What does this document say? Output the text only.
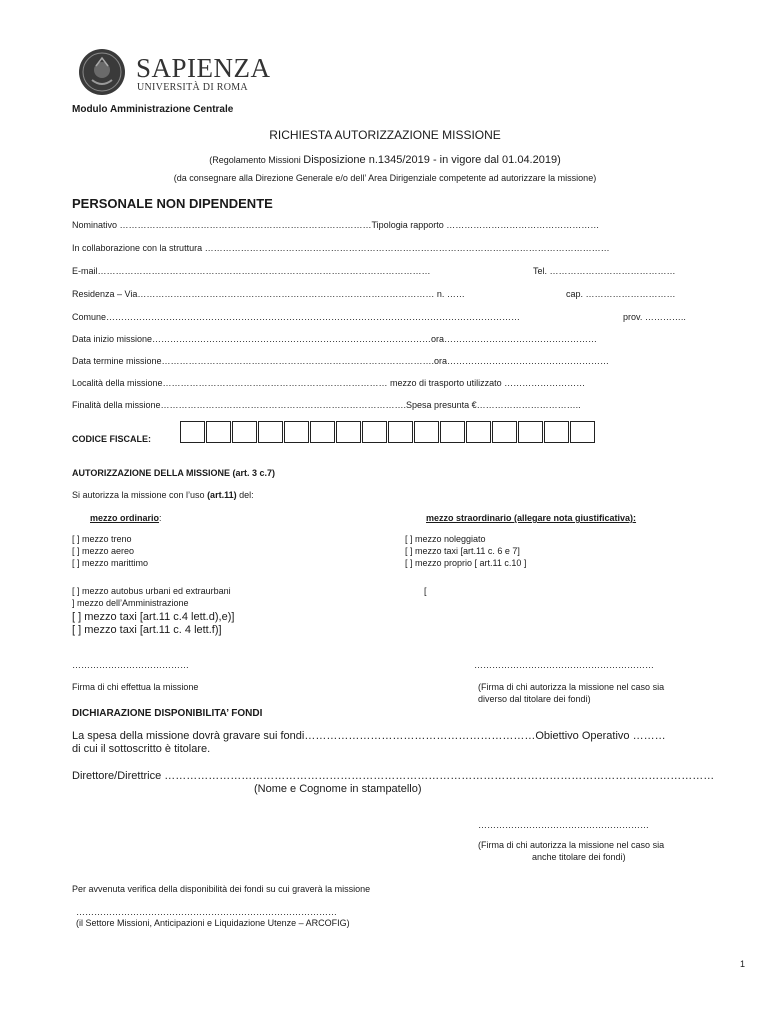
SAPIENZA
UNIVERSITÀ DI ROMA
Modulo Amministrazione Centrale
RICHIESTA AUTORIZZAZIONE MISSIONE
(Regolamento Missioni Disposizione n.1345/2019 - in vigore dal 01.04.2019)
(da consegnare alla Direzione Generale e/o dell’ Area Dirigenziale competente ad autorizzare la missione)
PERSONALE NON DIPENDENTE
Nominativo …………………………………………………………………………Tipologia rapporto ……………………………………………
In collaborazione con la struttura ………………………………………………………………………………………………………………………
E-mail…………………………………………………………………………………………………	Tel. ……………………………………
Residenza – Via……………………………………………………………………………………… n. ……	cap. …………………………
Comune…………………………………………………………………………………………………………………………	prov. …………..
Data inizio missione…………………………………………………………………………………ora……………………………………………
Data termine missione……………………………………………………………………………….ora………………………………………………
Località della missione………………………………………………………………… mezzo di trasporto utilizzato ………………………
Finalità della missione……………………………………………………………………….Spesa presunta €……………………………..
CODICE FISCALE:
AUTORIZZAZIONE DELLA MISSIONE (art. 3 c.7)
Si autorizza la missione con l’uso (art.11) del:
mezzo ordinario:	mezzo straordinario (allegare nota giustificativa):
[ ] mezzo treno
[ ] mezzo aereo
[ ] mezzo marittimo
[ ] mezzo noleggiato
[ ] mezzo taxi [art.11 c. 6 e 7]
[ ] mezzo proprio [ art.11 c.10 ]
[ ] mezzo autobus urbani ed extraurbani
] mezzo dell’Amministrazione
[
[ ] mezzo taxi [art.11 c.4 lett.d),e)]
[ ] mezzo taxi [art.11 c. 4 lett.f)]
…………………………………	……………………………………………………
Firma di chi effettua la missione	(Firma di chi autorizza la missione nel caso sia
diverso dal titolare dei fondi)
DICHIARAZIONE DISPONIBILITA’ FONDI
La spesa della missione dovrà gravare sui fondi………………………………………………………Obiettivo Operativo ………
di cui il sottoscritto è titolare.
Direttore/Direttrice ……………………………………………………………………………………………………………………………………
(Nome e Cognome in stampatello)
…………………………………………………
(Firma di chi autorizza la missione nel caso sia
anche titolare dei fondi)
Per avvenuta verifica della disponibilità dei fondi su cui graverà la missione
……………………………………………………………………………
(il Settore Missioni, Anticipazioni e Liquidazione Utenze – ARCOFIG)
1
